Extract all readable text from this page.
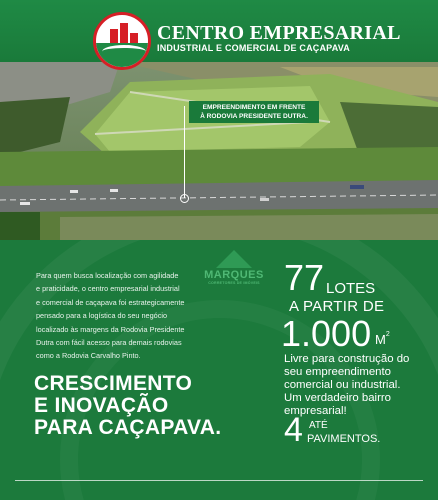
CENTRO EMPRESARIAL
INDUSTRIAL E COMERCIAL DE CAÇAPAVA
EMPREENDIMENTO EM FRENTE
À RODOVIA PRESIDENTE DUTRA.

Para quem busca localização com agilidade

e praticidade, o centro empresarial industrial

e comercial de caçapava foi estrategicamente

pensado para a logística do seu negócio

localizado às margens da Rodovia Presidente

Dutra com fácil acesso para demais rodovias

como a Rodovia Carvalho Pinto.

MARQUES
CORRETORES DE IMÓVEIS
CRESCIMENTO
E INOVAÇÃO
PARA CAÇAPAVA.
77 LOTES
A PARTIR DE
1.000 $M^2$
Livre para construção do
seu empreendimento
comercial ou industrial.
Um verdadeiro bairro
empresarial!
4 ATÉ
PAVIMENTOS.
